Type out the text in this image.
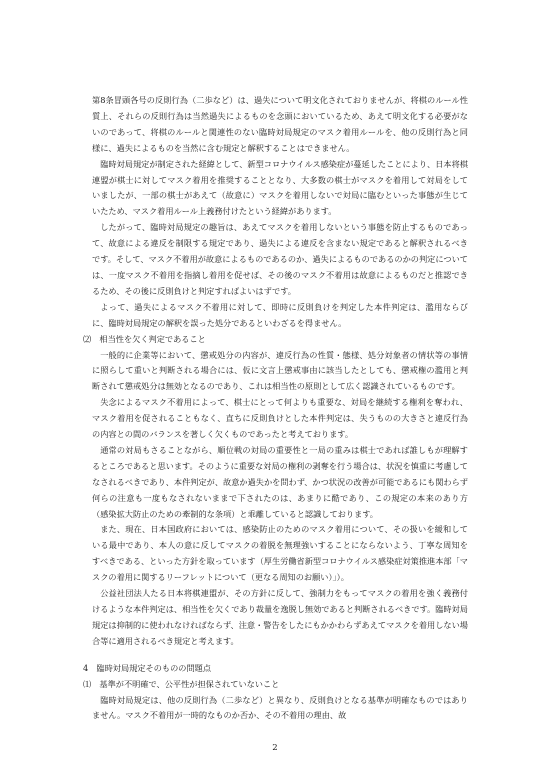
第8条冒頭各号の反則行為（二歩など）は、過失について明文化されておりませんが、将棋のルール性質上、それらの反則行為は当然過失によるものを念頭においているため、あえて明文化する必要がないのであって、将棋のルールと関連性のない臨時対局規定のマスク着用ルールを、他の反則行為と同様に、過失によるものを当然に含む規定と解釈することはできません。

臨時対局規定が制定された経緯として、新型コロナウイルス感染症が蔓延したことにより、日本将棋連盟が棋士に対してマスク着用を推奨することとなり、大多数の棋士がマスクを着用して対局をしていましたが、一部の棋士があえて（故意に）マスクを着用しないで対局に臨むといった事態が生じていたため、マスク着用ルール上義務付けたという経緯があります。

したがって、臨時対局規定の趣旨は、あえてマスクを着用しないという事態を防止するものであって、故意による違反を制限する規定であり、過失による違反を含まない規定であると解釈されるべきです。そして、マスク不着用が故意によるものであるのか、過失によるものであるのかの判定については、一度マスク不着用を指摘し着用を促せば、その後のマスク不着用は故意によるものだと推認できるため、その後に反則負けと判定すればよいはずです。

よって、過失によるマスク不着用に対して、即時に反則負けを判定した本件判定は、濫用ならびに、臨時対局規定の解釈を誤った処分であるといわざるを得ません。

⑵　 相当性を欠く判定であること

一般的に企業等において、懲戒処分の内容が、違反行為の性質・態様、処分対象者の情状等の事情に照らして重いと判断される場合には、仮に文言上懲戒事由に該当したとしても、懲戒権の濫用と判断されて懲戒処分は無効となるのであり、これは相当性の原則として広く認識されているものです。

失念によるマスク不着用によって、棋士にとって何よりも重要な、対局を継続する権利を奪われ、マスク着用を促されることもなく、直ちに反則負けとした本件判定は、失うものの大きさと違反行為の内容との間のバランスを著しく欠くものであったと考えております。

通常の対局もさることながら、順位戦の対局の重要性と一局の重みは棋士であれば誰しもが理解するところであると思います。そのように重要な対局の権利の剥奪を行う場合は、状況を慎重に考慮してなされるべきであり、本件判定が、故意か過失かを問わず、かつ状況の改善が可能であるにも関わらず何らの注意も一度もなされないままで下されたのは、あまりに酷であり、この規定の本来のあり方（感染拡大防止のための牽制的な条項）と乖離していると認識しております。

また、現在、日本国政府においては、感染防止のためのマスク着用について、その扱いを緩和している最中であり、本人の意に反してマスクの着脱を無理強いすることにならないよう、丁寧な周知をすべきである、といった方針を取っています（厚生労働省新型コロナウイルス感染症対策推進本部「マスクの着用に関するリーフレットについて（更なる周知のお願い）」）。

公益社団法人たる日本将棋連盟が、その方針に反して、強制力をもってマスクの着用を強く義務付けるような本件判定は、相当性を欠くであり裁量を逸脱し無効であると判断されるべきです。臨時対局規定は抑制的に使われなければならず、注意・警告をしたにもかかわらずあえてマスクを着用しない場合等に適用されるべき規定と考えます。

4　 臨時対局規定そのものの問題点

⑴　 基準が不明確で、公平性が担保されていないこと

臨時対局規定は、他の反則行為（二歩など）と異なり、反則負けとなる基準が明確なものではありません。マスク不着用が一時的なものか否か、その不着用の理由、故

2
